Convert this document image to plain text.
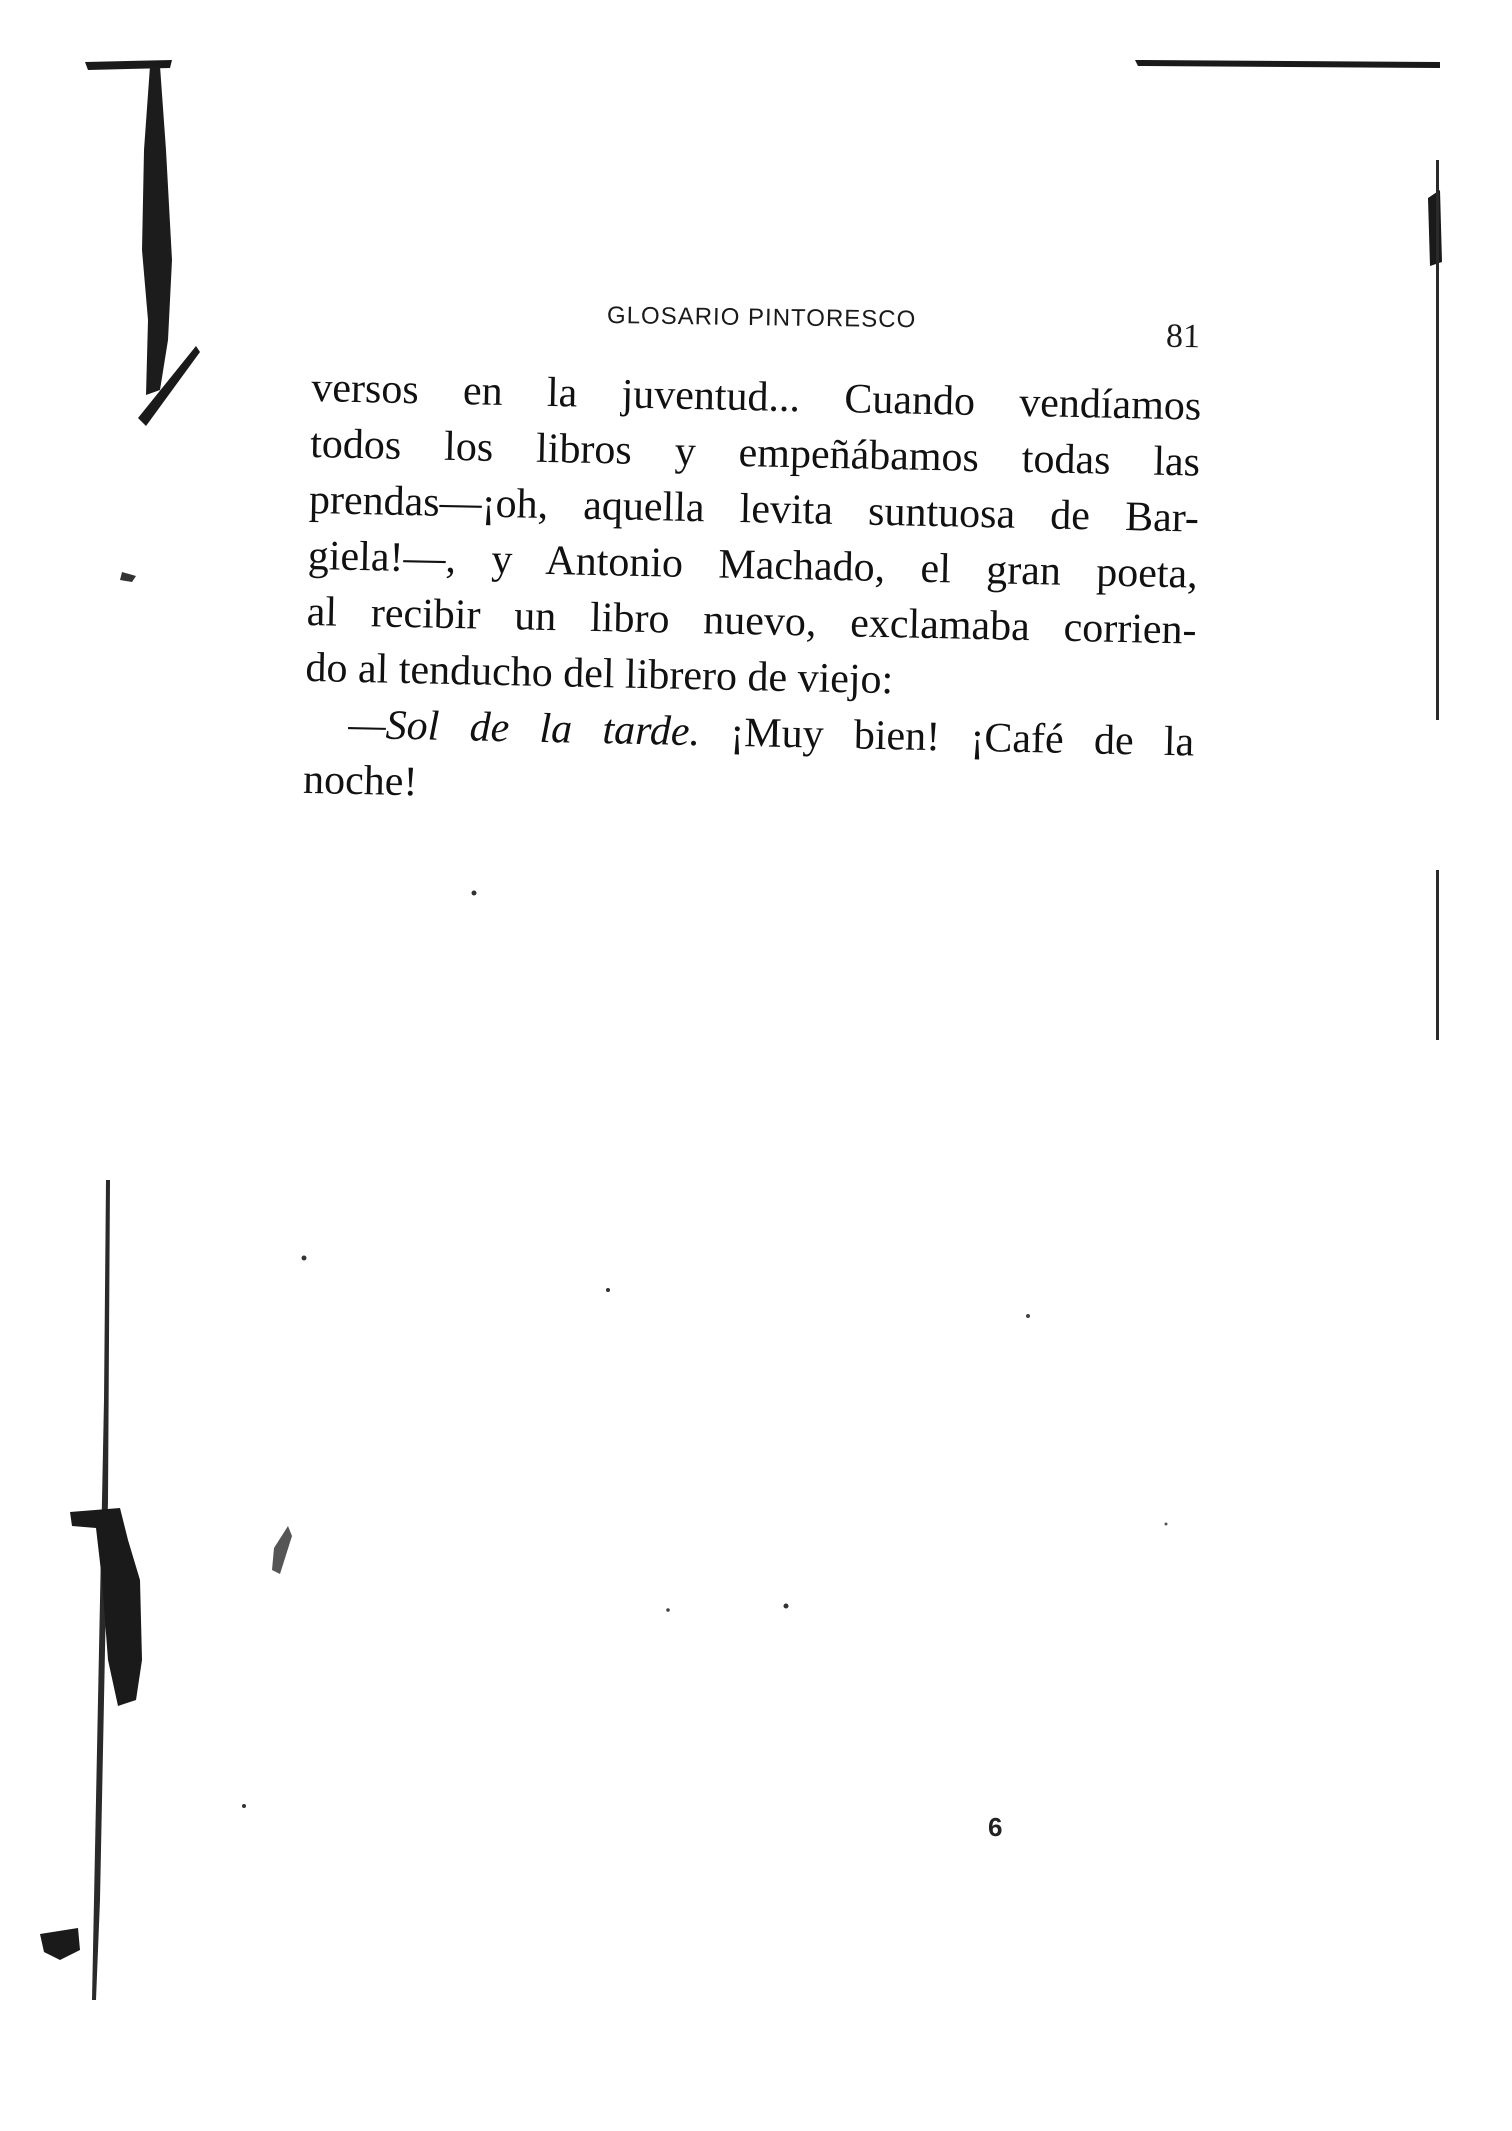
GLOSARIO PINTORESCO
81
versos en la juventud... Cuando vendíamos
todos los libros y empeñábamos todas las
prendas—¡oh, aquella levita suntuosa de Bar-
giela!—, y Antonio Machado, el gran poeta,
al recibir un libro nuevo, exclamaba corrien-
do al tenducho del librero de viejo:
—Sol de la tarde. ¡Muy bien! ¡Café de la
noche!
6
